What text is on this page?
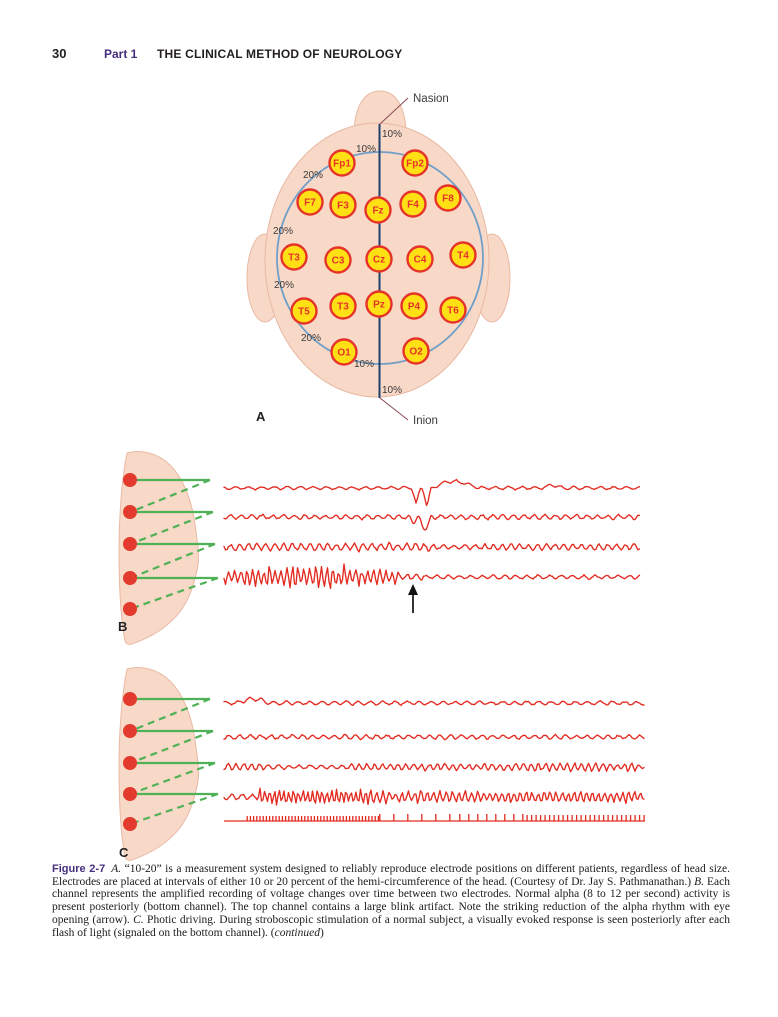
30	Part 1 THE CLINICAL METHOD OF NEUROLOGY
Nasion
Inion
10%
10%
20%
20%
20%
20%
10%
10%
Fp1	Fp2
F7 F3 Fz
F4
F8
T3	C3	Cz	C4	T4
T5	T3 Pz P4	T6
O1	O2
A
B
C

Figure 2-7 A. “10-20” is a measurement system designed to reliably reproduce electrode positions on different patients, regardless of head size. Electrodes are placed at intervals of either 10 or 20 percent of the hemi-circumference of the head. (Courtesy of Dr. Jay S. Pathmanathan.) B. Each channel represents the amplified recording of voltage changes over time between two electrodes. Normal alpha (8 to 12 per second) activity is present posteriorly (bottom channel). The top channel contains a large blink artifact. Note the striking reduction of the alpha rhythm with eye opening (arrow). C. Photic driving. During stroboscopic stimulation of a normal subject, a visually evoked response is seen posteriorly after each flash of light (signaled on the bottom channel). (continued)
